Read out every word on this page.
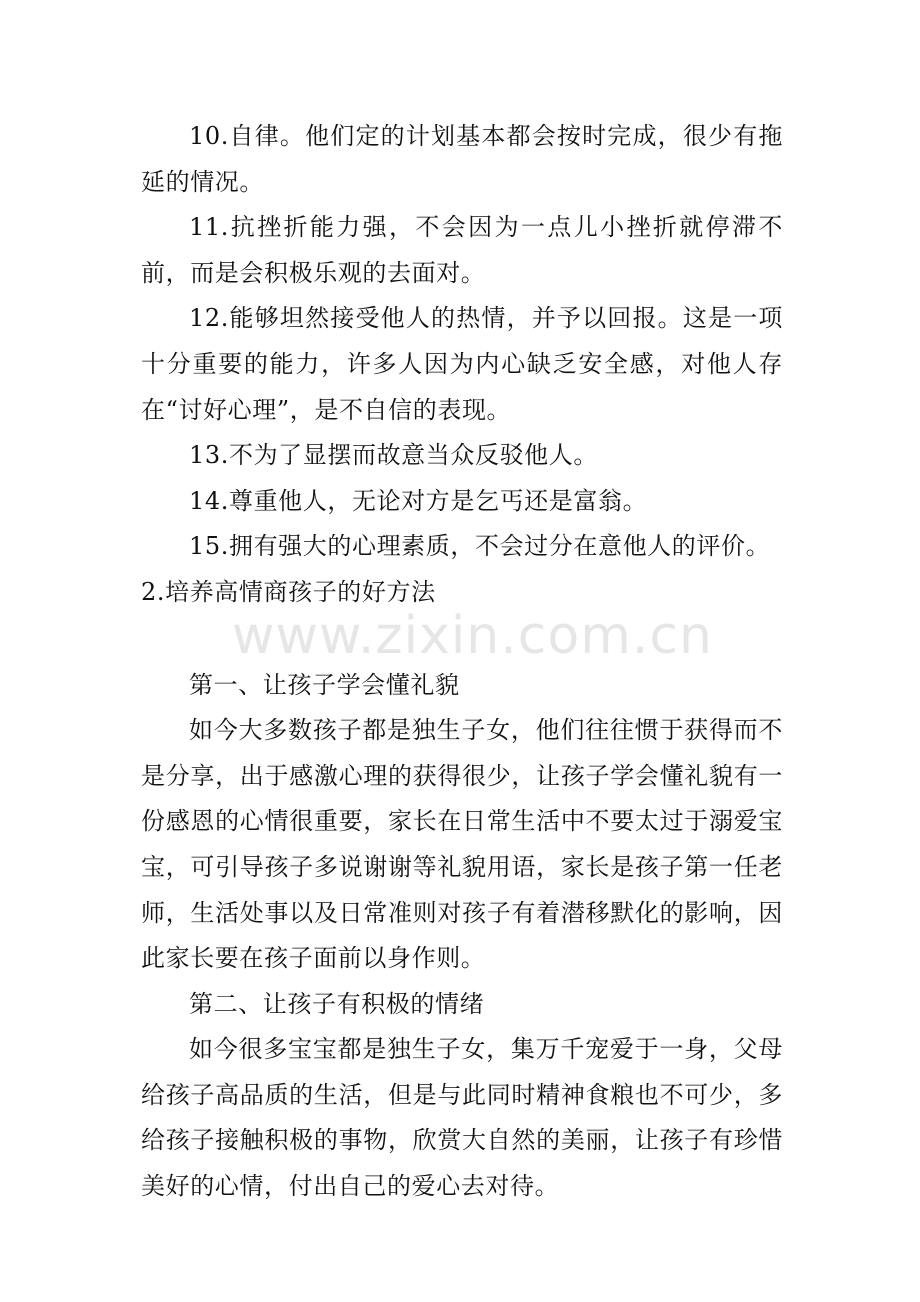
www.zixin.com.cn

10.自律。他们定的计划基本都会按时完成，很少有拖延的情况。

11.抗挫折能力强，不会因为一点儿小挫折就停滞不前，而是会积极乐观的去面对。

12.能够坦然接受他人的热情，并予以回报。这是一项十分重要的能力，许多人因为内心缺乏安全感，对他人存在“讨好心理”，是不自信的表现。

13.不为了显摆而故意当众反驳他人。

14.尊重他人，无论对方是乞丐还是富翁。

15.拥有强大的心理素质，不会过分在意他人的评价。

2.培养高情商孩子的好方法

第一、让孩子学会懂礼貌

如今大多数孩子都是独生子女，他们往往惯于获得而不是分享，出于感激心理的获得很少，让孩子学会懂礼貌有一份感恩的心情很重要，家长在日常生活中不要太过于溺爱宝宝，可引导孩子多说谢谢等礼貌用语，家长是孩子第一任老师，生活处事以及日常准则对孩子有着潜移默化的影响，因此家长要在孩子面前以身作则。

第二、让孩子有积极的情绪

如今很多宝宝都是独生子女，集万千宠爱于一身，父母给孩子高品质的生活，但是与此同时精神食粮也不可少，多给孩子接触积极的事物，欣赏大自然的美丽，让孩子有珍惜美好的心情，付出自己的爱心去对待。
